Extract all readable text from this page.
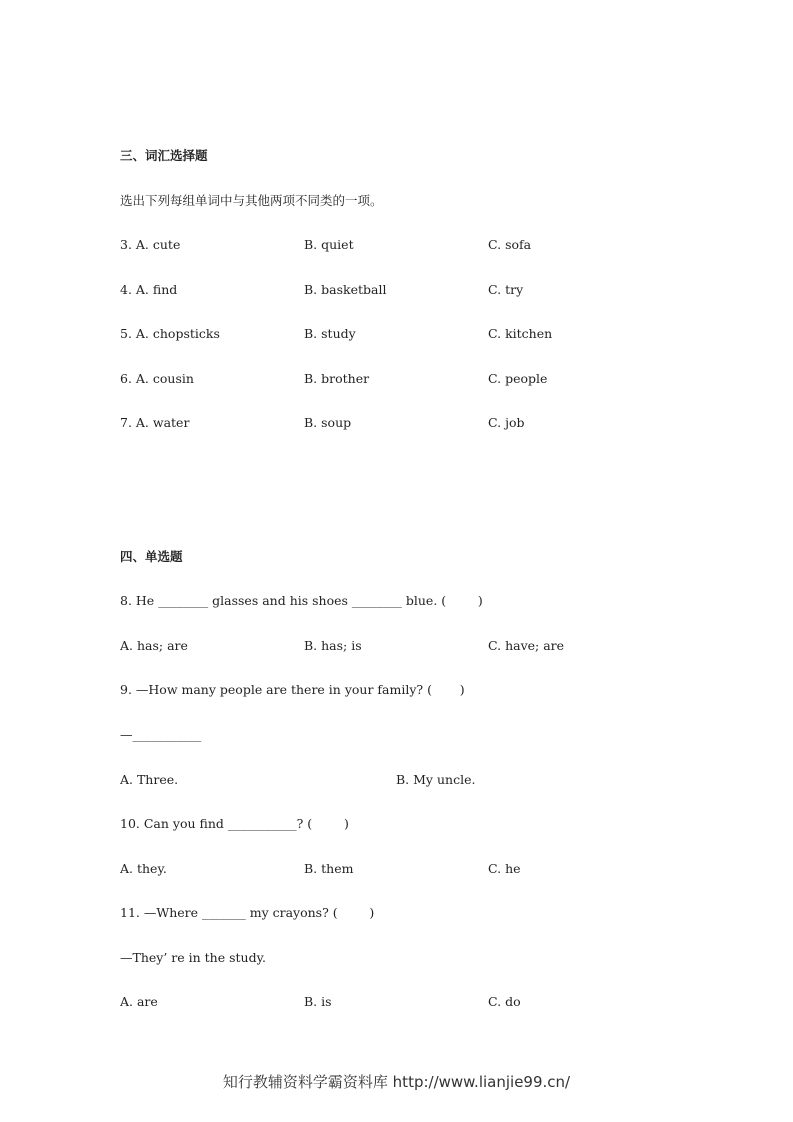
三、词汇选择题
选出下列每组单词中与其他两项不同类的一项。
3. A. cute	B. quiet	C. sofa
4. A. find	B. basketball	C. try
5. A. chopsticks	B. study	C. kitchen
6. A. cousin	B. brother	C. people
7. A. water	B. soup	C. job
四、单选题
8. He ________ glasses and his shoes ________ blue. (        )
A. has; are	B. has; is	C. have; are
9. —How many people are there in your family? (       )
—___________
A. Three.	B. My uncle.
10. Can you find ___________? (        )
A. they.	B. them	C. he
11. —Where _______ my crayons? (        )
—They’ re in the study.
A. are	B. is	C. do
知行教辅资料学霸资料库 http://www.lianjie99.cn/
